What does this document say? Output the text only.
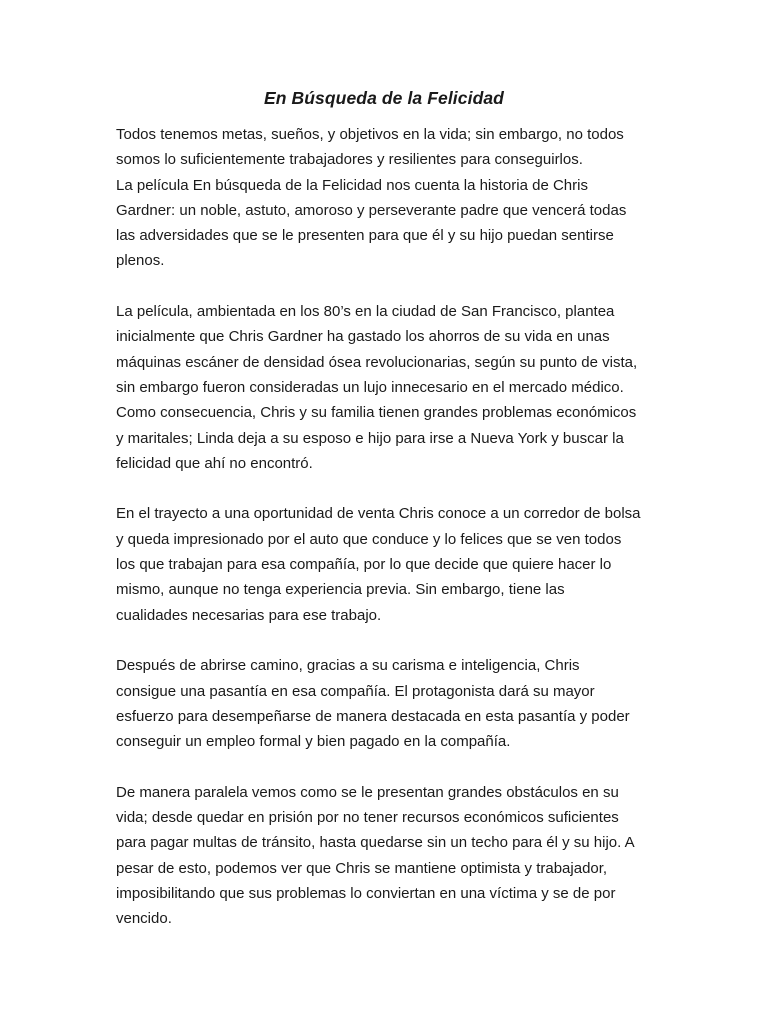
En Búsqueda de la Felicidad

Todos tenemos metas, sueños, y objetivos en la vida; sin embargo, no todos
somos lo suficientemente trabajadores y resilientes para conseguirlos.

La película En búsqueda de la Felicidad nos cuenta la historia de Chris
Gardner: un noble, astuto, amoroso y perseverante padre que vencerá todas
las adversidades que se le presenten para que él y su hijo puedan sentirse
plenos.

La película, ambientada en los 80’s en la ciudad de San Francisco, plantea
inicialmente que Chris Gardner ha gastado los ahorros de su vida en unas
máquinas escáner de densidad ósea revolucionarias, según su punto de vista,
sin embargo fueron consideradas un lujo innecesario en el mercado médico.
Como consecuencia, Chris y su familia tienen grandes problemas económicos
y maritales; Linda deja a su esposo e hijo para irse a Nueva York y buscar la
felicidad que ahí no encontró.

En el trayecto a una oportunidad de venta Chris conoce a un corredor de bolsa
y queda impresionado por el auto que conduce y lo felices que se ven todos
los que trabajan para esa compañía, por lo que decide que quiere hacer lo
mismo, aunque no tenga experiencia previa. Sin embargo, tiene las
cualidades necesarias para ese trabajo.

Después de abrirse camino, gracias a su carisma e inteligencia, Chris
consigue una pasantía en esa compañía. El protagonista dará su mayor
esfuerzo para desempeñarse de manera destacada en esta pasantía y poder
conseguir un empleo formal y bien pagado en la compañía.

De manera paralela vemos como se le presentan grandes obstáculos en su
vida; desde quedar en prisión por no tener recursos económicos suficientes
para pagar multas de tránsito, hasta quedarse sin un techo para él y su hijo. A
pesar de esto, podemos ver que Chris se mantiene optimista y trabajador,
imposibilitando que sus problemas lo conviertan en una víctima y se de por
vencido.
